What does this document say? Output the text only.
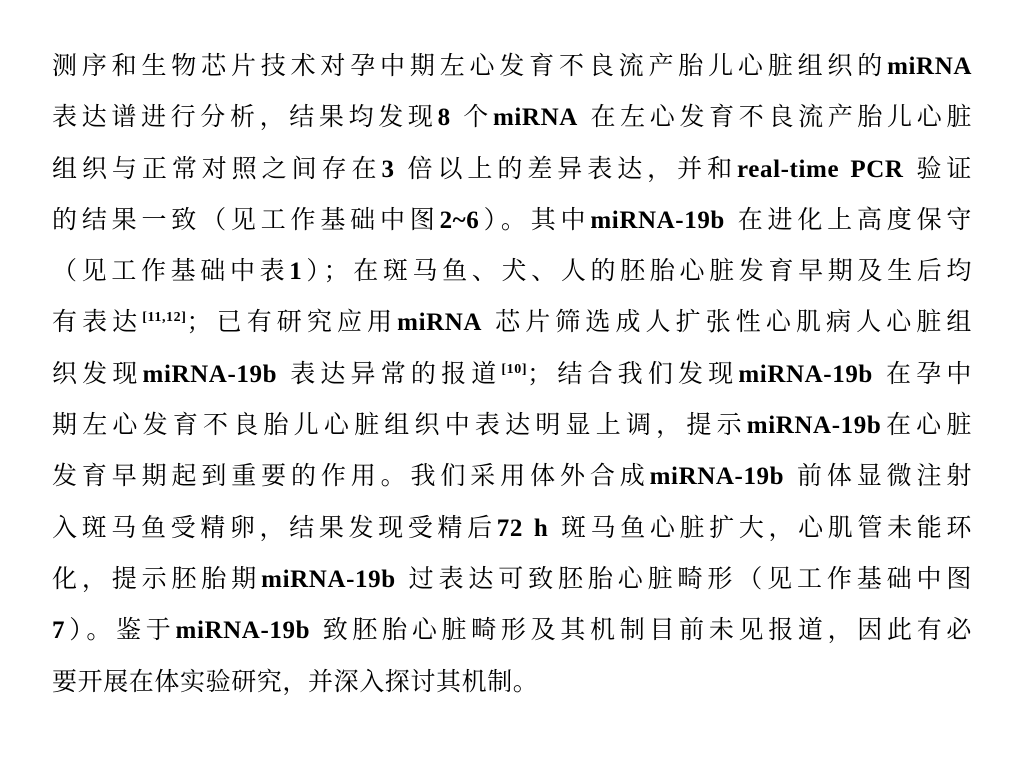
测序和生物芯片技术对孕中期左心发育不良流产胎儿心脏组织的miRNA
表达谱进行分析，结果均发现8 个miRNA 在左心发育不良流产胎儿心脏
组织与正常对照之间存在3 倍以上的差异表达，并和real-time PCR 验证
的结果一致（见工作基础中图2~6）。其中miRNA-19b 在进化上高度保守
（见工作基础中表1）；在斑马鱼、犬、人的胚胎心脏发育早期及生后均
有表达[11,12]；已有研究应用miRNA 芯片筛选成人扩张性心肌病人心脏组
织发现miRNA-19b 表达异常的报道[10]；结合我们发现miRNA-19b 在孕中
期左心发育不良胎儿心脏组织中表达明显上调，提示miRNA-19b在心脏
发育早期起到重要的作用。我们采用体外合成miRNA-19b 前体显微注射
入斑马鱼受精卵，结果发现受精后72 h 斑马鱼心脏扩大，心肌管未能环
化，提示胚胎期miRNA-19b 过表达可致胚胎心脏畸形（见工作基础中图
7）。鉴于miRNA-19b 致胚胎心脏畸形及其机制目前未见报道，因此有必
要开展在体实验研究，并深入探讨其机制。
